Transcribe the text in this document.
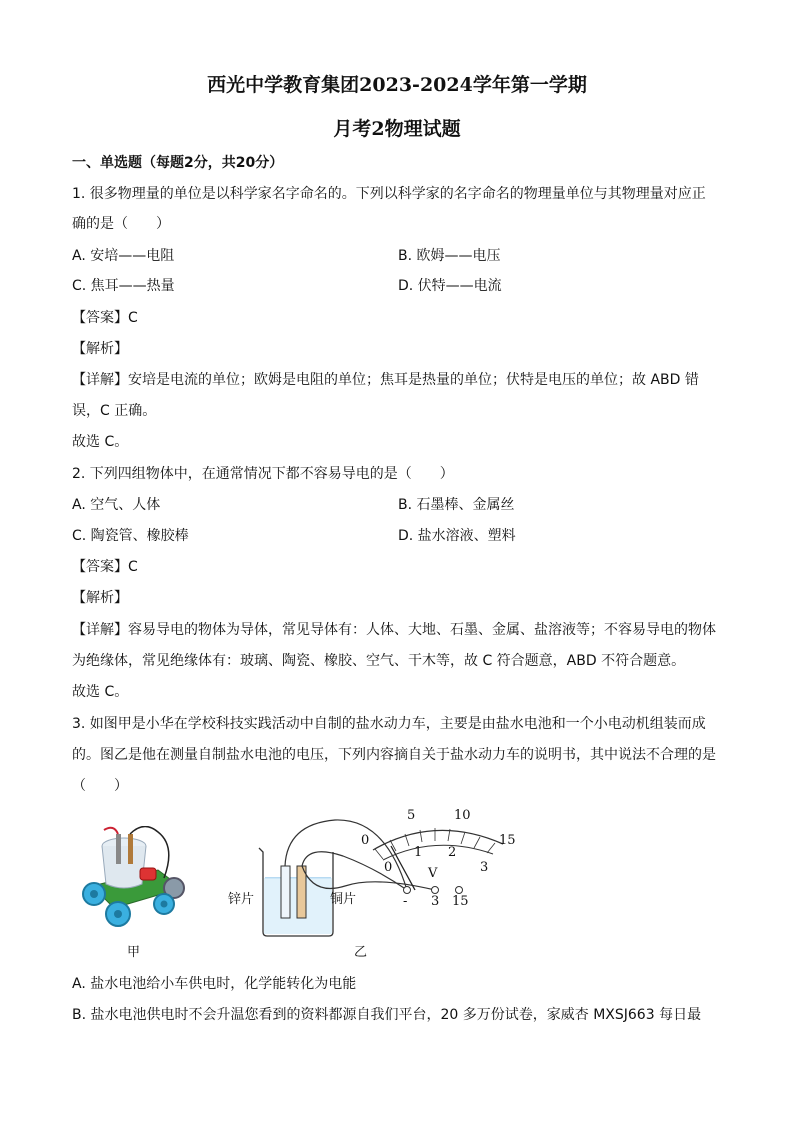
西光中学教育集团2023-2024学年第一学期
月考2物理试题
一、单选题（每题2分，共20分）
1. 很多物理量的单位是以科学家名字命名的。下列以科学家的名字命名的物理量单位与其物理量对应正
确的是（　　）
A. 安培——电阻	B. 欧姆——电压
C. 焦耳——热量	D. 伏特——电流
【答案】C
【解析】
【详解】安培是电流的单位；欧姆是电阻的单位；焦耳是热量的单位；伏特是电压的单位；故 ABD 错
误，C 正确。
故选 C。
2. 下列四组物体中，在通常情况下都不容易导电的是（　　）
A. 空气、人体	B. 石墨棒、金属丝
C. 陶瓷管、橡胶棒	D. 盐水溶液、塑料
【答案】C
【解析】
【详解】容易导电的物体为导体，常见导体有：人体、大地、石墨、金属、盐溶液等；不容易导电的物体
为绝缘体，常见绝缘体有：玻璃、陶瓷、橡胶、空气、干木等，故 C 符合题意，ABD 不符合题意。
故选 C。
3. 如图甲是小华在学校科技实践活动中自制的盐水动力车，主要是由盐水电池和一个小电动机组装而成
的。图乙是他在测量自制盐水电池的电压，下列内容摘自关于盐水动力车的说明书，其中说法不合理的是
（　　）
甲
0
5	10
15
0
1 2
3
V
- 3 15
锌片	铜片
乙
A. 盐水电池给小车供电时，化学能转化为电能
B. 盐水电池供电时不会升温您看到的资料都源自我们平台，20 多万份试卷，家威杏 MXSJ663 每日最
